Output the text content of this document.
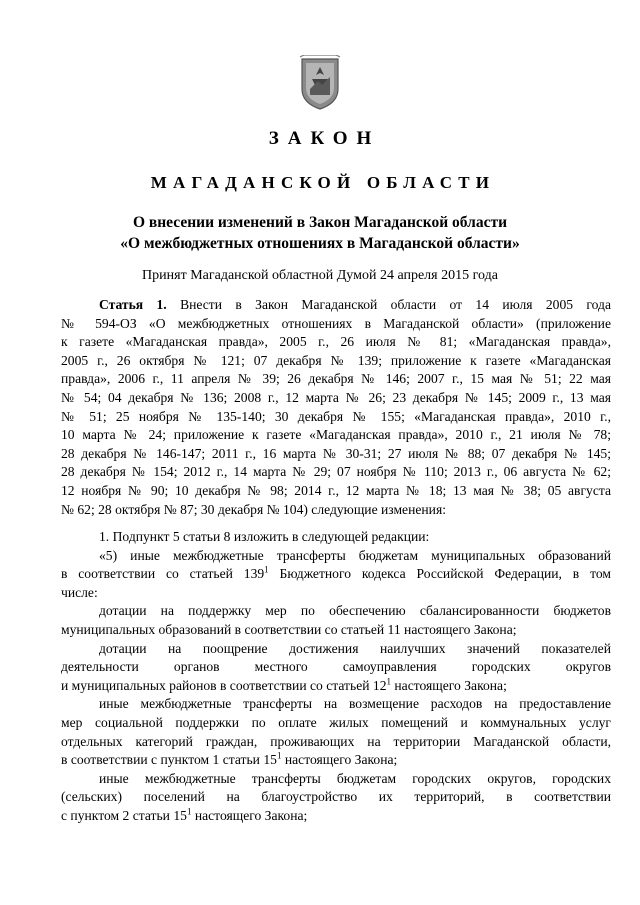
ЗАКОН
МАГАДАНСКОЙ ОБЛАСТИ
О внесении изменений в Закон Магаданской области
«О межбюджетных отношениях в Магаданской области»
Принят Магаданской областной Думой 24 апреля 2015 года
Статья 1. Внести в Закон Магаданской области от 14 июля 2005 года
№ 594-ОЗ «О межбюджетных отношениях в Магаданской области» (приложение
к газете «Магаданская правда», 2005 г., 26 июля № 81; «Магаданская правда»,
2005 г., 26 октября № 121; 07 декабря № 139; приложение к газете «Магаданская
правда», 2006 г., 11 апреля № 39; 26 декабря № 146; 2007 г., 15 мая № 51; 22 мая
№ 54; 04 декабря № 136; 2008 г., 12 марта № 26; 23 декабря № 145; 2009 г., 13 мая
№ 51; 25 ноября № 135-140; 30 декабря № 155; «Магаданская правда», 2010 г.,
10 марта № 24; приложение к газете «Магаданская правда», 2010 г., 21 июля № 78;
28 декабря № 146-147; 2011 г., 16 марта № 30-31; 27 июля № 88; 07 декабря № 145;
28 декабря № 154; 2012 г., 14 марта № 29; 07 ноября № 110; 2013 г., 06 августа № 62;
12 ноября № 90; 10 декабря № 98; 2014 г., 12 марта № 18; 13 мая № 38; 05 августа
№ 62; 28 октября № 87; 30 декабря № 104) следующие изменения:
1. Подпункт 5 статьи 8 изложить в следующей редакции:
«5) иные межбюджетные трансферты бюджетам муниципальных образований
в соответствии со статьей $139^1$ Бюджетного кодекса Российской Федерации, в том
числе:
дотации на поддержку мер по обеспечению сбалансированности бюджетов
муниципальных образований в соответствии со статьей 11 настоящего Закона;
дотации на поощрение достижения наилучших значений показателей
деятельности органов местного самоуправления городских округов
и муниципальных районов в соответствии со статьей $12^1$ настоящего Закона;
иные межбюджетные трансферты на возмещение расходов на предоставление
мер социальной поддержки по оплате жилых помещений и коммунальных услуг
отдельных категорий граждан, проживающих на территории Магаданской области,
в соответствии с пунктом 1 статьи $15^1$ настоящего Закона;
иные межбюджетные трансферты бюджетам городских округов, городских
(сельских) поселений на благоустройство их территорий, в соответствии
с пунктом 2 статьи $15^1$ настоящего Закона;
